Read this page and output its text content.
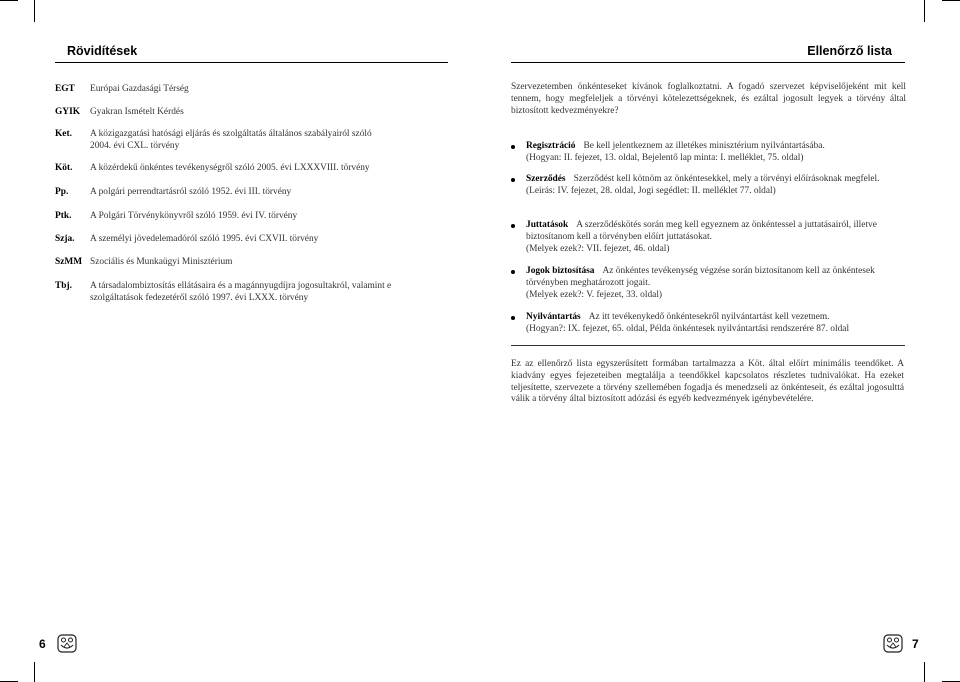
Rövidítések	Ellenőrző lista
EGT Európai Gazdasági Térség
GYIK Gyakran Ismételt Kérdés
Ket. A közigazgatási hatósági eljárás és szolgáltatás általános szabályairól szóló 2004. évi CXL. törvény
Köt. A közérdekű önkéntes tevékenységről szóló 2005. évi LXXXVIII. törvény
Pp. A polgári perrendtartásról szóló 1952. évi III. törvény
Ptk. A Polgári Törvénykönyvről szóló 1959. évi IV. törvény
Szja. A személyi jövedelemadóról szóló 1995. évi CXVII. törvény
SzMM Szociális és Munkaügyi Minisztérium
Tbj. A társadalombiztosítás ellátásaira és a magánnyugdíjra jogosultakról, valamint e szolgáltatások fedezetéről szóló 1997. évi LXXX. törvény
Szervezetemben önkénteseket kívánok foglalkoztatni. A fogadó szervezet képviselőjeként mit kell tennem, hogy megfeleljek a törvényi kötelezettségeknek, és ezáltal jogosult legyek a törvény által biztosított kedvezményekre?
Regisztráció Be kell jelentkeznem az illetékes minisztérium nyilvántartásába.
(Hogyan: II. fejezet, 13. oldal, Bejelentő lap minta: I. melléklet, 75. oldal)
Szerződés Szerződést kell kötnöm az önkéntesekkel, mely a törvényi előírásoknak megfelel.
(Leírás: IV. fejezet, 28. oldal, Jogi segédlet: II. melléklet 77. oldal)
Juttatások A szerződéskötés során meg kell egyeznem az önkéntessel a juttatásairól, illetve biztosítanom kell a törvényben előírt juttatásokat.
(Melyek ezek?: VII. fejezet, 46. oldal)
Jogok biztosítása Az önkéntes tevékenység végzése során biztosítanom kell az önkéntesek törvényben meghatározott jogait.
(Melyek ezek?: V. fejezet, 33. oldal)
Nyilvántartás Az itt tevékenykedő önkéntesekről nyilvántartást kell vezetnem.
(Hogyan?: IX. fejezet, 65. oldal, Példa önkéntesek nyilvántartási rendszerére 87. oldal
Ez az ellenőrző lista egyszerűsített formában tartalmazza a Köt. által előírt minimális teendőket. A kiadvány egyes fejezeteiben megtalálja a teendőkkel kapcsolatos részletes tudnivalókat. Ha ezeket teljesítette, szervezete a törvény szellemében fogadja és menedzseli az önkénteseit, és ezáltal jogosulttá válik a törvény által biztosított adózási és egyéb kedvezmények igénybevételére.
6	7
